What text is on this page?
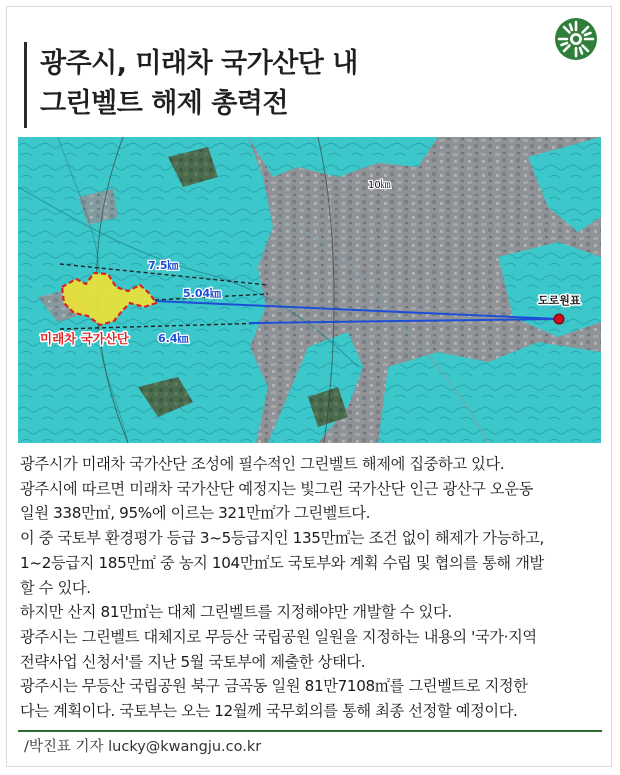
광주시, 미래차 국가산단 내
그린벨트 해제 총력전
7.5㎞
5.04㎞
6.4㎞
10㎞
도로원표
미래차 국가산단

광주시가 미래차 국가산단 조성에 필수적인 그린벨트 해제에 집중하고 있다.

광주시에 따르면 미래차 국가산단 예정지는 빛그린 국가산단 인근 광산구 오운동

일원 338만㎡, 95%에 이르는 321만㎡가 그린벨트다.

이 중 국토부 환경평가 등급 3~5등급지인 135만㎡는 조건 없이 해제가 가능하고,

1~2등급지 185만㎡ 중 농지 104만㎡도 국토부와 계획 수립 및 협의를 통해 개발

할 수 있다.

하지만 산지 81만㎡는 대체 그린벨트를 지정해야만 개발할 수 있다.

광주시는 그린벨트 대체지로 무등산 국립공원 일원을 지정하는 내용의 '국가·지역

전략사업 신청서'를 지난 5월 국토부에 제출한 상태다.

광주시는 무등산 국립공원 북구 금곡동 일원 81만7108㎡를 그린벨트로 지정한

다는 계획이다. 국토부는 오는 12월께 국무회의를 통해 최종 선정할 예정이다.

/박진표 기자 lucky@kwangju.co.kr
